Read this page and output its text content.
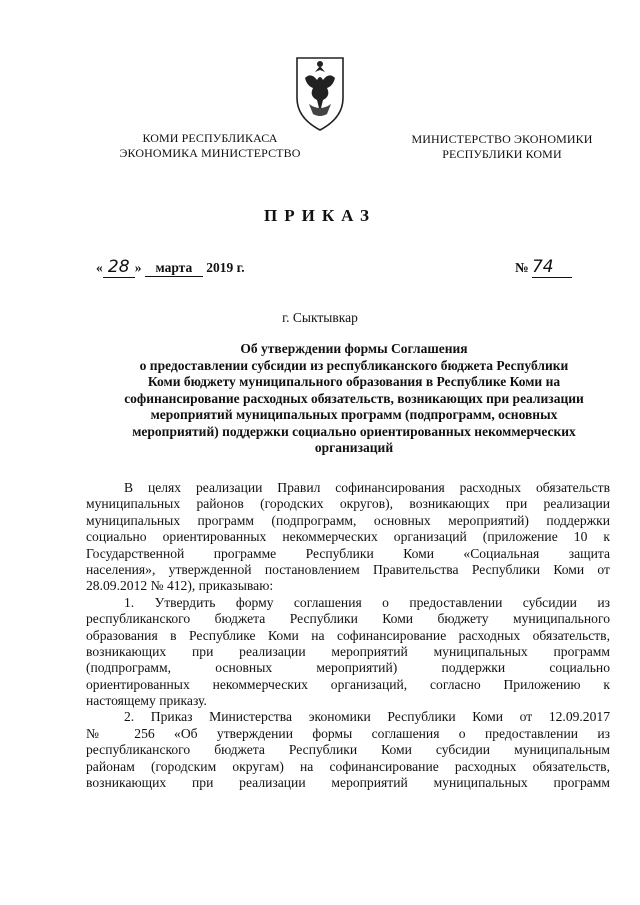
КОМИ РЕСПУБЛИКАСА
ЭКОНОМИКА МИНИСТЕРСТВО
МИНИСТЕРСТВО ЭКОНОМИКИ
РЕСПУБЛИКИ КОМИ
ПРИКАЗ
« 28 » марта 2019 г.	№ 74
г. Сыктывкар
Об утверждении формы Соглашения
о предоставлении субсидии из республиканского бюджета Республики
Коми бюджету муниципального образования в Республике Коми на
софинансирование расходных обязательств, возникающих при реализации
мероприятий муниципальных программ (подпрограмм, основных
мероприятий) поддержки социально ориентированных некоммерческих
организаций
В целях реализации Правил софинансирования расходных обязательств
муниципальных районов (городских округов), возникающих при реализации
муниципальных программ (подпрограмм, основных мероприятий) поддержки
социально ориентированных некоммерческих организаций (приложение 10 к
Государственной программе Республики Коми «Социальная защита
населения», утвержденной постановлением Правительства Республики Коми от
28.09.2012 № 412), приказываю:
1. Утвердить форму соглашения о предоставлении субсидии из
республиканского бюджета Республики Коми бюджету муниципального
образования в Республике Коми на софинансирование расходных обязательств,
возникающих при реализации мероприятий муниципальных программ
(подпрограмм, основных мероприятий) поддержки социально
ориентированных некоммерческих организаций, согласно Приложению к
настоящему приказу.
2. Приказ Министерства экономики Республики Коми от 12.09.2017
№ 256 «Об утверждении формы соглашения о предоставлении из
республиканского бюджета Республики Коми субсидии муниципальным
районам (городским округам) на софинансирование расходных обязательств,
возникающих при реализации мероприятий муниципальных программ
